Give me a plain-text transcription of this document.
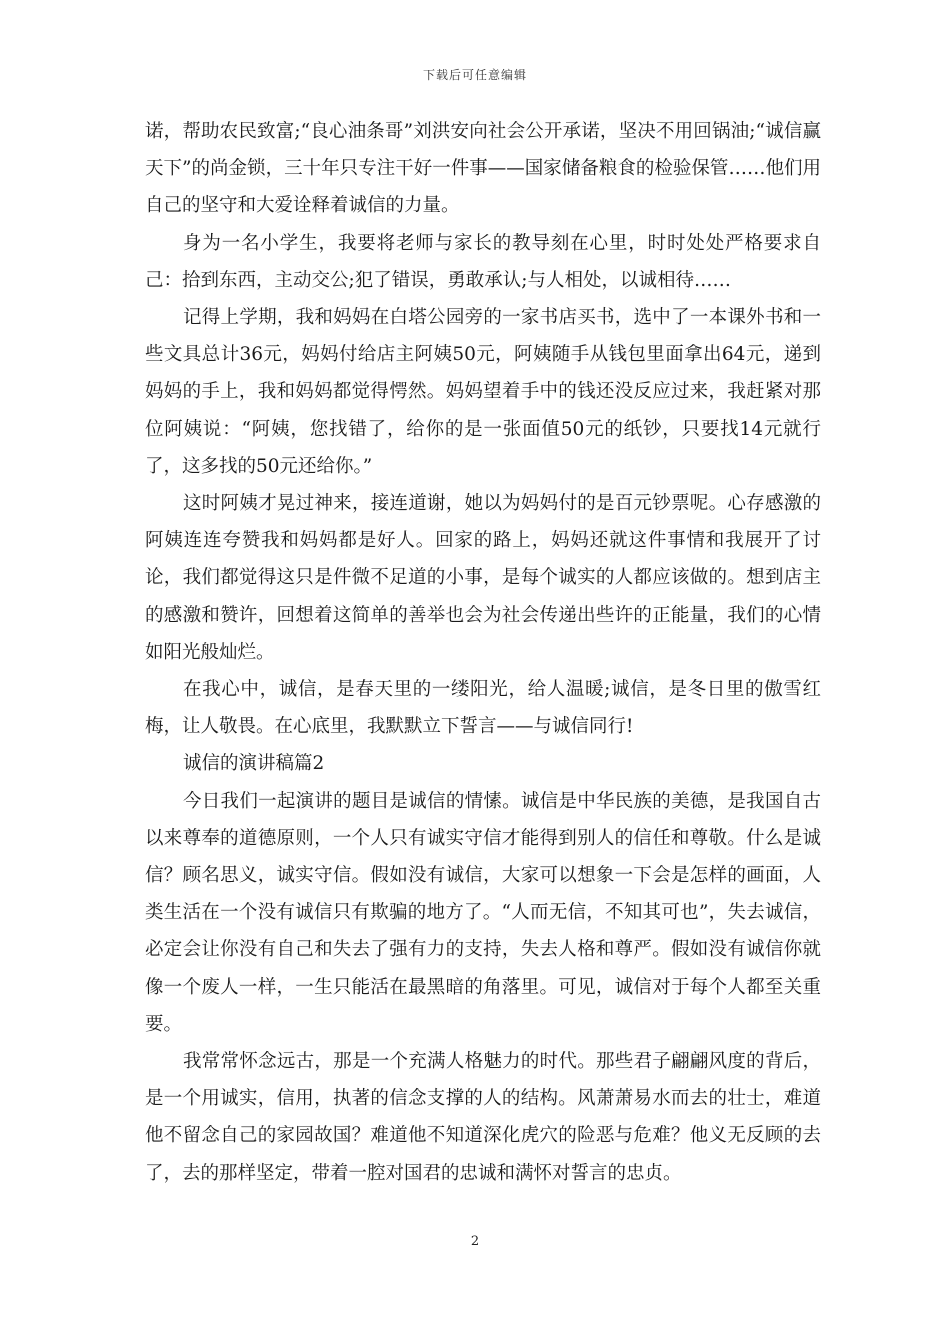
下载后可任意编辑

诺，帮助农民致富;“良心油条哥”刘洪安向社会公开承诺，坚决不用回锅油;“诚信赢天下”的尚金锁，三十年只专注干好一件事——国家储备粮食的检验保管……他们用自己的坚守和大爱诠释着诚信的力量。

身为一名小学生，我要将老师与家长的教导刻在心里，时时处处严格要求自己：拾到东西，主动交公;犯了错误，勇敢承认;与人相处，以诚相待……

记得上学期，我和妈妈在白塔公园旁的一家书店买书，选中了一本课外书和一些文具总计36元，妈妈付给店主阿姨50元，阿姨随手从钱包里面拿出64元，递到妈妈的手上，我和妈妈都觉得愕然。妈妈望着手中的钱还没反应过来，我赶紧对那位阿姨说：“阿姨，您找错了，给你的是一张面值50元的纸钞，只要找14元就行了，这多找的50元还给你。”

这时阿姨才晃过神来，接连道谢，她以为妈妈付的是百元钞票呢。心存感激的阿姨连连夸赞我和妈妈都是好人。回家的路上，妈妈还就这件事情和我展开了讨论，我们都觉得这只是件微不足道的小事，是每个诚实的人都应该做的。想到店主的感激和赞许，回想着这简单的善举也会为社会传递出些许的正能量，我们的心情如阳光般灿烂。

在我心中，诚信，是春天里的一缕阳光，给人温暖;诚信，是冬日里的傲雪红梅，让人敬畏。在心底里，我默默立下誓言——与诚信同行!

诚信的演讲稿篇2

今日我们一起演讲的题目是诚信的情愫。诚信是中华民族的美德，是我国自古以来尊奉的道德原则，一个人只有诚实守信才能得到别人的信任和尊敬。什么是诚信？顾名思义，诚实守信。假如没有诚信，大家可以想象一下会是怎样的画面，人类生活在一个没有诚信只有欺骗的地方了。“人而无信，不知其可也”，失去诚信，必定会让你没有自己和失去了强有力的支持，失去人格和尊严。假如没有诚信你就像一个废人一样，一生只能活在最黑暗的角落里。可见，诚信对于每个人都至关重要。

我常常怀念远古，那是一个充满人格魅力的时代。那些君子翩翩风度的背后，是一个用诚实，信用，执著的信念支撑的人的结构。风萧萧易水而去的壮士，难道他不留念自己的家园故国？难道他不知道深化虎穴的险恶与危难？他义无反顾的去了，去的那样坚定，带着一腔对国君的忠诚和满怀对誓言的忠贞。

2
